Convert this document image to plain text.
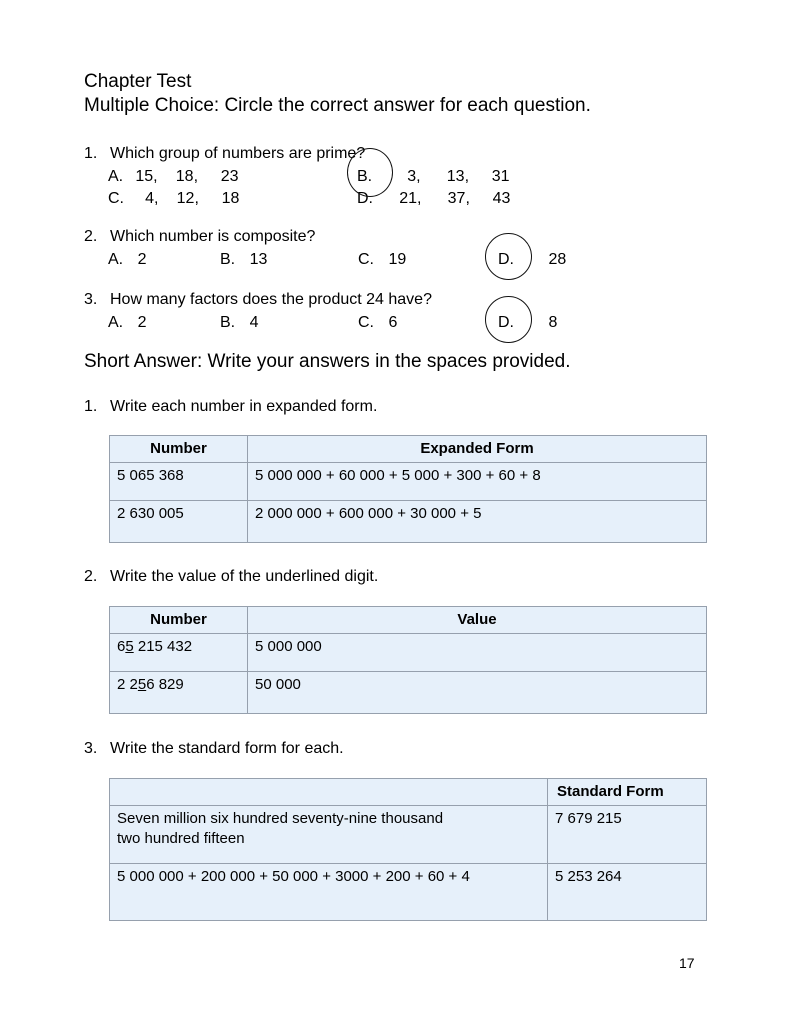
Chapter Test
Multiple Choice: Circle the correct answer for each question.
1. Which group of numbers are prime?
A. 15, 18, 23	B. 3, 13, 31
C. 4, 12, 18	D. 21, 37, 43
2. Which number is composite?
A. 2	B. 13	C. 19	D. 28
3. How many factors does the product 24 have?
A. 2	B. 4	C. 6	D. 8
Short Answer: Write your answers in the spaces provided.
1. Write each number in expanded form.
Number	Expanded Form
5 065 368	5 000 000 + 60 000 + 5 000 + 300 + 60 + 8
2 630 005	2 000 000 + 600 000 + 30 000 + 5
2. Write the value of the underlined digit.
Number	Value
65 215 432	5 000 000
2 256 829	50 000
3. Write the standard form for each.
	Standard Form

Seven million six hundred seventy-nine thousand
two hundred fifteen	7 679 215

5 000 000 + 200 000 + 50 000 + 3000 + 200 + 60 + 4	5 253 264
17
